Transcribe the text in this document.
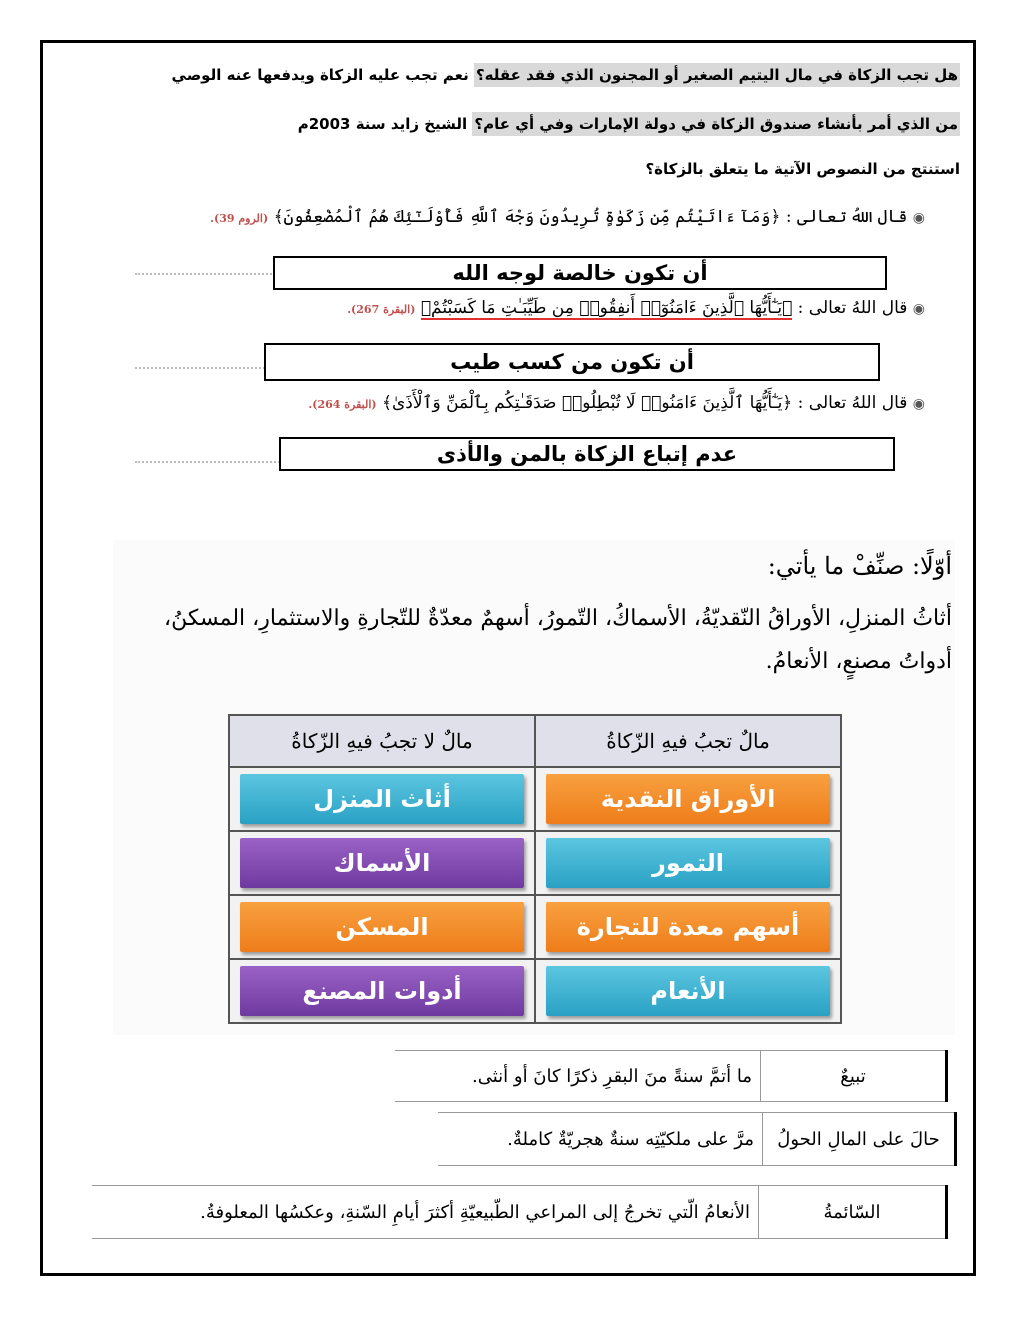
هل تجب الزكاة في مال اليتيم الصغير أو المجنون الذي فقد عقله؟ نعم تجب عليه الزكاة ويدفعها عنه الوصي
من الذي أمر بأنشاء صندوق الزكاة في دولة الإمارات وفي أي عام؟ الشيخ زايد سنة 2003م
استنتج من النصوص الآتية ما يتعلق بالزكاة؟
◉ قال اللهُ تعالى : ﴿وَمَآ ءَاتَيْتُم مِّن زَكَوٰةٍ تُرِيدُونَ وَجْهَ ٱللَّهِ فَأُوْلَـٰٓئِكَ هُمُ ٱلْمُضْعِفُونَ﴾ (الروم 39).
أن تكون خالصة لوجه الله
◉ قال اللهُ تعالى : ﴿يَـٰٓأَيُّهَا ٱلَّذِينَ ءَامَنُوٓا۟ أَنفِقُوا۟ مِن طَيِّبَـٰتِ مَا كَسَبْتُمْ﴾ (البقرة 267).
أن تكون من كسب طيب
◉ قال اللهُ تعالى : ﴿يَـٰٓأَيُّهَا ٱلَّذِينَ ءَامَنُوا۟ لَا تُبْطِلُوا۟ صَدَقَـٰتِكُم بِٱلْمَنِّ وَٱلْأَذَىٰ﴾ (البقرة 264).
عدم إتباع الزكاة بالمن والأذى
أوّلًا: صنِّفْ ما يأتي:
أثاثُ المنزلِ، الأوراقُ النّقديّةُ، الأسماكُ، التّمورُ، أسهمٌ معدّةٌ للتّجارةِ والاستثمارِ، المسكنُ، أدواتُ مصنعٍ، الأنعامُ.
مالٌ لا تجبُ فيهِ الزّكاةُ	مالٌ تجبُ فيهِ الزّكاةُ
أثاث المنزل	الأوراق النقدية
الأسماك	التمور
المسكن	أسهم معدة للتجارة
أدوات المصنع	الأنعام
تبيعٌ	ما أتمَّ سنةً منَ البقرِ ذكرًا كانَ أو أنثى.
حالَ على المالِ الحولُ	مرَّ على ملكيّتِه سنةٌ هجريّةٌ كاملةٌ.
السّائمةُ	الأنعامُ الّتي تخرجُ إلى المراعي الطّبيعيّةِ أكثرَ أيامِ السّنةِ، وعكسُها المعلوفةُ.
